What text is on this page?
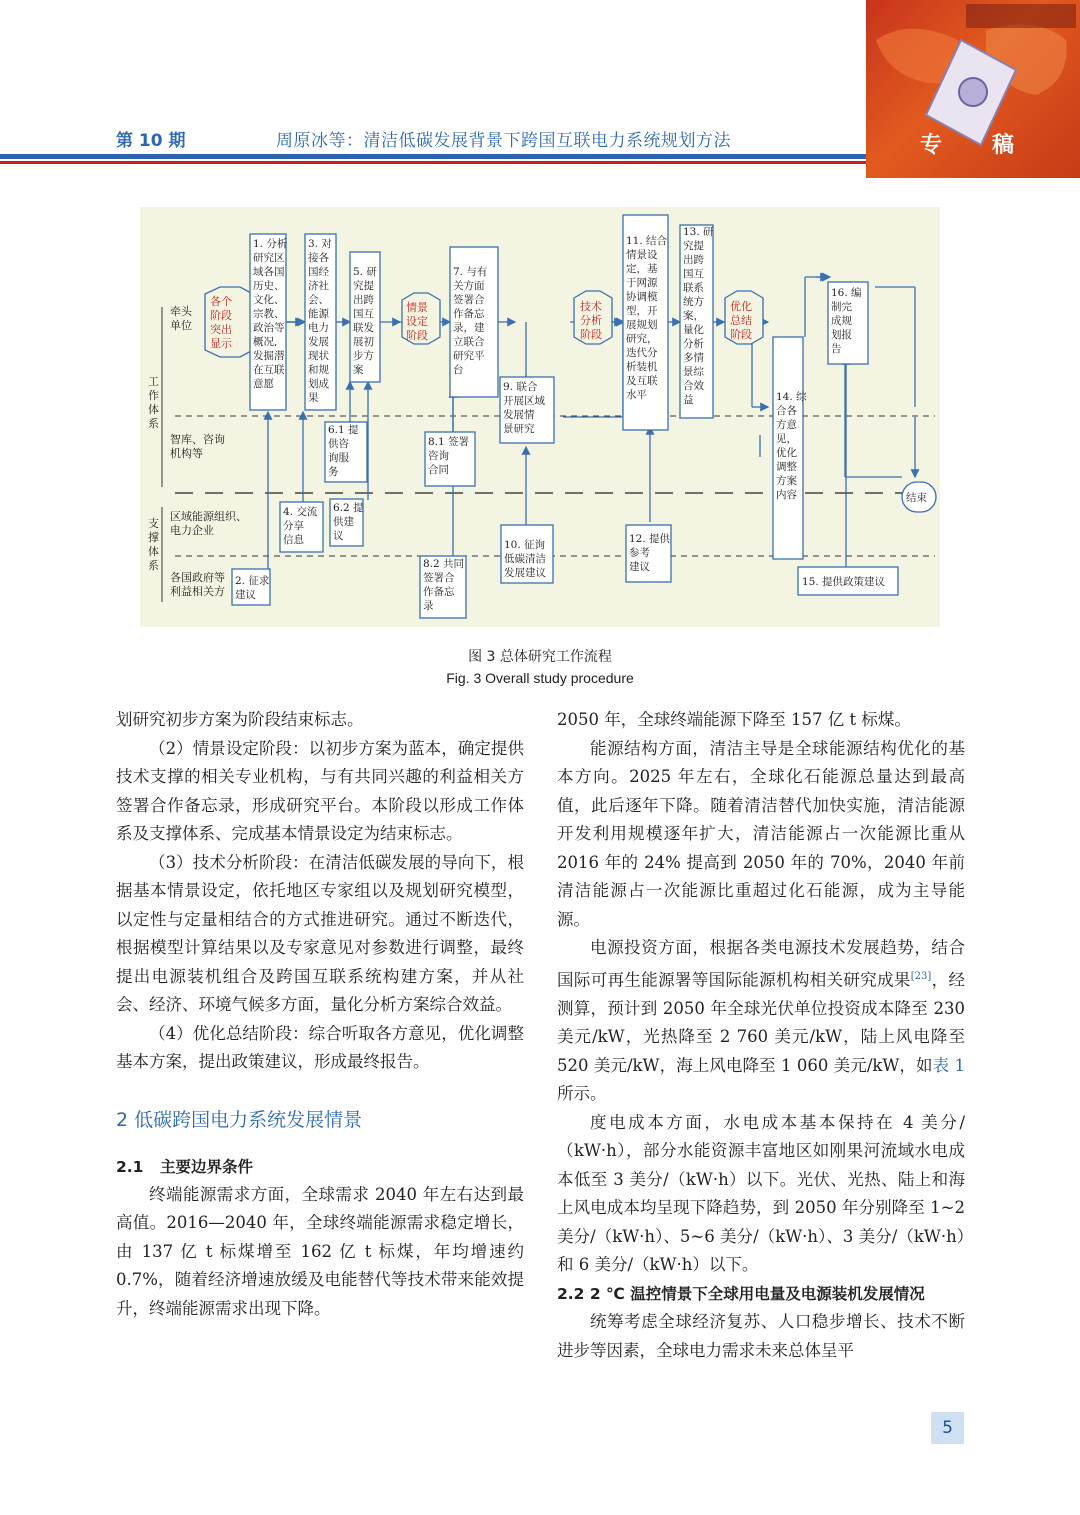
第 10 期	周原冰等：清洁低碳发展背景下跨国互联电力系统规划方法	专 稿
牵头
单位
工
作
体
系
智库、咨询
机构等
区域能源组织、
电力企业
支
撑
体
系
各国政府等
利益相关方
各个
阶段
突出
显示
情景
设定
阶段
技术
分析
阶段
优化
总结
阶段
1. 分析研究区域各国历史、文化、宗教、政治等概况,发掘潜在互联意愿
3. 对接各国经济社会、能源电力发展现状和规划成果
5. 研究提出跨国互联发展初步方案
7. 与有关方面签署合作备忘录，建立联合研究平台
9. 联合开展区域发展情景研究
11. 结合情景设定，基于网源协调模型，开展规划研究，迭代分析装机及互联水平
13. 研究提出跨国互联系统方案，量化分析多情景综合效益	14. 综合各方意见，优化调整方案内容
16. 编制完成规划报告
6.1 提供咨询服务
8.1 签署咨询合同
4. 交流分享信息
6.2 提供建议
10. 征询低碳清洁发展建议
12. 提供参考建议
8.2 共同签署合作备忘录
2. 征求建议
15. 提供政策建议
结束
图 3 总体研究工作流程
Fig. 3 Overall study procedure

划研究初步方案为阶段结束标志。

（2）情景设定阶段：以初步方案为蓝本，确定提供技术支撑的相关专业机构，与有共同兴趣的利益相关方签署合作备忘录，形成研究平台。本阶段以形成工作体系及支撑体系、完成基本情景设定为结束标志。

（3）技术分析阶段：在清洁低碳发展的导向下，根据基本情景设定，依托地区专家组以及规划研究模型，以定性与定量相结合的方式推进研究。通过不断迭代，根据模型计算结果以及专家意见对参数进行调整，最终提出电源装机组合及跨国互联系统构建方案，并从社会、经济、环境气候多方面，量化分析方案综合效益。

（4）优化总结阶段：综合听取各方意见，优化调整基本方案，提出政策建议，形成最终报告。

2 低碳跨国电力系统发展情景
2.1 主要边界条件

终端能源需求方面，全球需求 2040 年左右达到最高值。2016—2040 年，全球终端能源需求稳定增长，由 137 亿 t 标煤增至 162 亿 t 标煤，年均增速约 0.7%，随着经济增速放缓及电能替代等技术带来能效提升，终端能源需求出现下降。

2050 年，全球终端能源下降至 157 亿 t 标煤。

能源结构方面，清洁主导是全球能源结构优化的基本方向。2025 年左右，全球化石能源总量达到最高值，此后逐年下降。随着清洁替代加快实施，清洁能源开发利用规模逐年扩大，清洁能源占一次能源比重从 2016 年的 24% 提高到 2050 年的 70%，2040 年前清洁能源占一次能源比重超过化石能源，成为主导能源。

电源投资方面，根据各类电源技术发展趋势，结合国际可再生能源署等国际能源机构相关研究成果[23]，经测算，预计到 2050 年全球光伏单位投资成本降至 230 美元/kW，光热降至 2 760 美元/kW，陆上风电降至 520 美元/kW，海上风电降至 1 060 美元/kW，如表 1所示。

度电成本方面，水电成本基本保持在 4 美分/（kW·h），部分水能资源丰富地区如刚果河流域水电成本低至 3 美分/（kW·h）以下。光伏、光热、陆上和海上风电成本均呈现下降趋势，到 2050 年分别降至 1~2 美分/（kW·h）、5~6 美分/（kW·h）、3 美分/（kW·h）和 6 美分/（kW·h）以下。

2.2 2 ℃ 温控情景下全球用电量及电源装机发展情况

统筹考虑全球经济复苏、人口稳步增长、技术不断进步等因素，全球电力需求未来总体呈平

5
